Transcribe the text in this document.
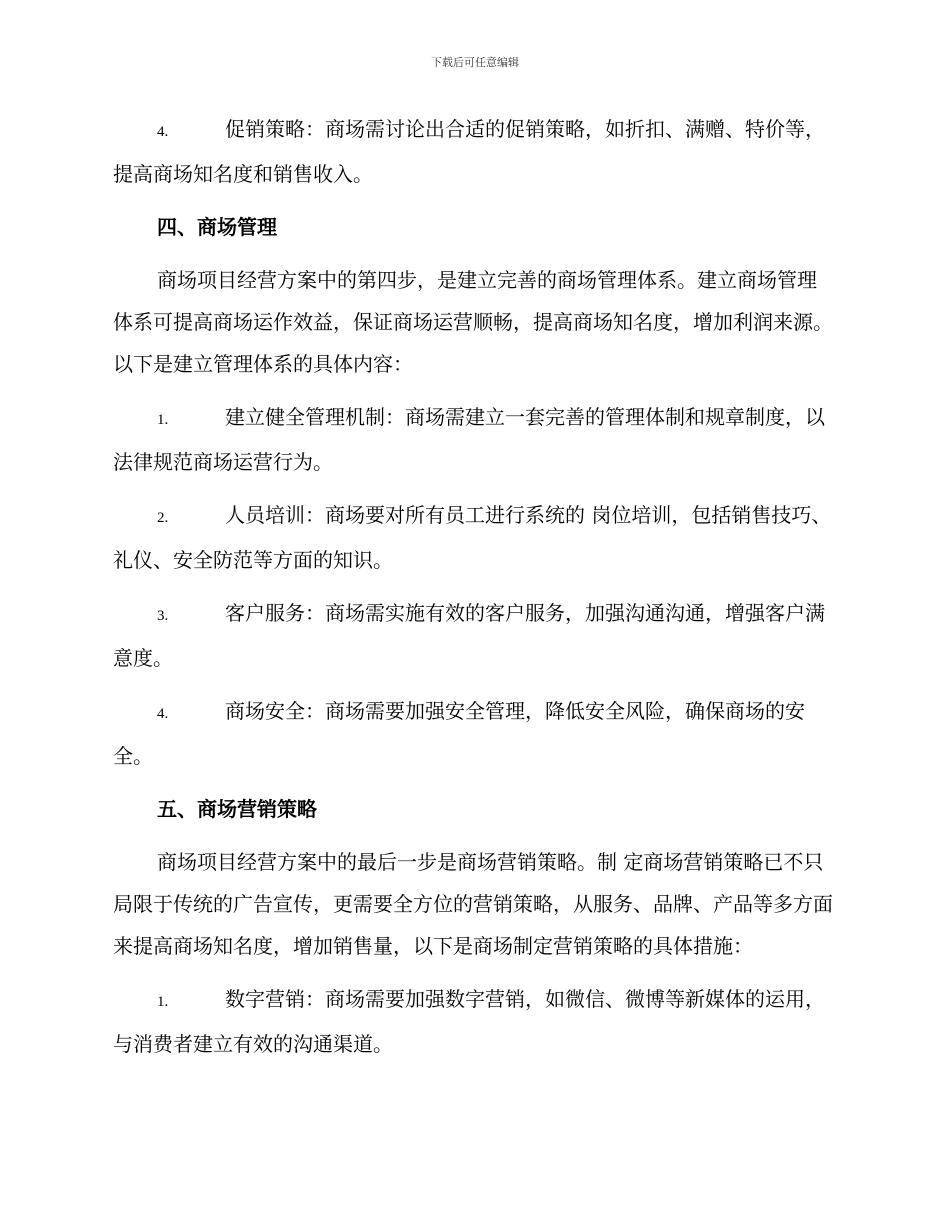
下载后可任意编辑

4.	促销策略：商场需讨论出合适的促销策略，如折扣、满赠、特价等，提高商场知名度和销售收入。

四、商场管理

商场项目经营方案中的第四步，是建立完善的商场管理体系。建立商场管理体系可提高商场运作效益，保证商场运营顺畅，提高商场知名度，增加利润来源。以下是建立管理体系的具体内容：

1.	建立健全管理机制：商场需建立一套完善的管理体制和规章制度，以法律规范商场运营行为。

2.	人员培训：商场要对所有员工进行系统的 岗位培训，包括销售技巧、礼仪、安全防范等方面的知识。

3.	客户服务：商场需实施有效的客户服务，加强沟通沟通，增强客户满意度。

4.	商场安全：商场需要加强安全管理，降低安全风险，确保商场的安全。

五、商场营销策略

商场项目经营方案中的最后一步是商场营销策略。制 定商场营销策略已不只局限于传统的广告宣传，更需要全方位的营销策略，从服务、品牌、产品等多方面来提高商场知名度，增加销售量，以下是商场制定营销策略的具体措施：

1.	数字营销：商场需要加强数字营销，如微信、微博等新媒体的运用，与消费者建立有效的沟通渠道。
